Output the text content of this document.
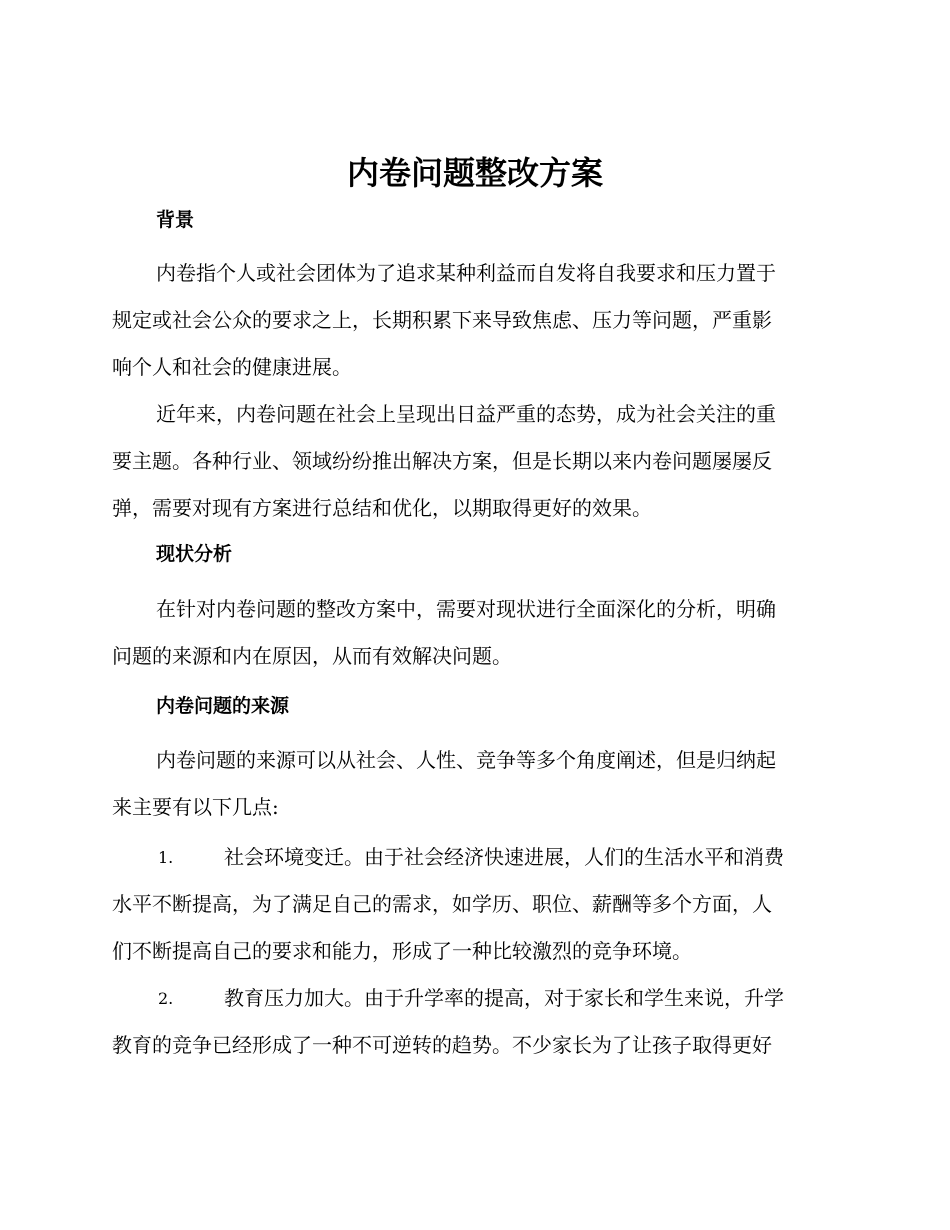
内卷问题整改方案
背景

内卷指个人或社会团体为了追求某种利益而自发将自我要求和压力置于
规定或社会公众的要求之上，长期积累下来导致焦虑、压力等问题，严重影
响个人和社会的健康进展。

近年来，内卷问题在社会上呈现出日益严重的态势，成为社会关注的重
要主题。各种行业、领域纷纷推出解决方案，但是长期以来内卷问题屡屡反
弹，需要对现有方案进行总结和优化，以期取得更好的效果。

现状分析

在针对内卷问题的整改方案中，需要对现状进行全面深化的分析，明确
问题的来源和内在原因，从而有效解决问题。

内卷问题的来源

内卷问题的来源可以从社会、人性、竞争等多个角度阐述，但是归纳起
来主要有以下几点:

1.	社会环境变迁。由于社会经济快速进展，人们的生活水平和消费
水平不断提高，为了满足自己的需求，如学历、职位、薪酬等多个方面，人
们不断提高自己的要求和能力，形成了一种比较激烈的竞争环境。
2.	教育压力加大。由于升学率的提高，对于家长和学生来说，升学
教育的竞争已经形成了一种不可逆转的趋势。不少家长为了让孩子取得更好
